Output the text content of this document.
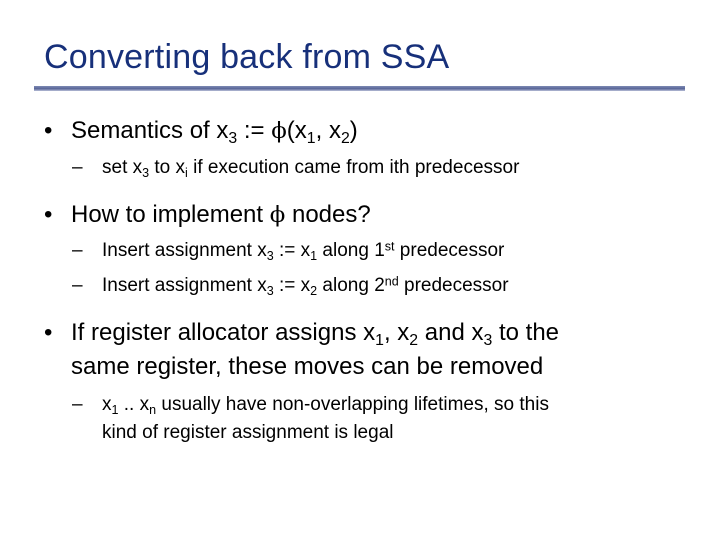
Converting back from SSA
• Semantics of $x_3$ := $\phi(x_1$, $x_2$)
– set $x_3$ to $x_i$ if execution came from ith predecessor
• How to implement ϕ nodes?
– Insert assignment $x_3$ := $x_1$ along 1st predecessor
– Insert assignment $x_3$ := $x_2$ along 2nd predecessor
• If register allocator assigns $x_1$, $x_2$ and $x_3$ to the
same register, these moves can be removed
– $x_1$ .. $x_n$ usually have non-overlapping lifetimes, so this
kind of register assignment is legal
